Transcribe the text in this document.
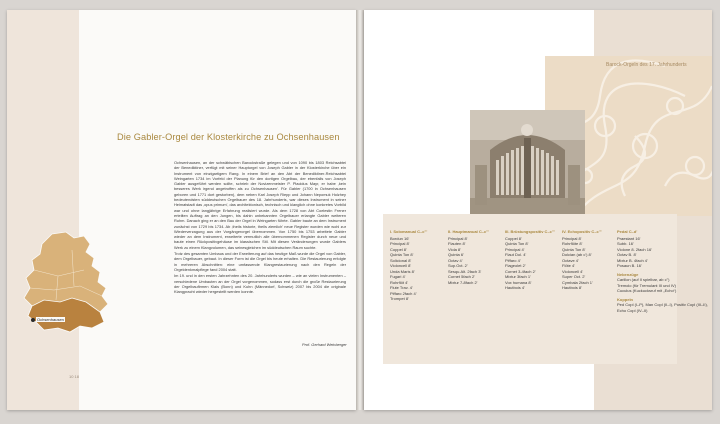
Barock-Orgeln des 17. Jahrhunderts
Die Gabler-Orgel der Klosterkirche zu Ochsenhausen

Ochsenhausen, an der schwäbischen Barockstraße gelegen und von 1090 bis 1803 Reichsabtei der Benediktiner, verfügt mit seiner Hauptorgel von Joseph Gabler in der Klosterkirche über ein Instrument von einzigartigem Rang. In einem Brief an den Abt der Benediktiner-Reichsabtei Weingarten 1734 im Vorfeld der Planung für den dortigen Orgelbau, der ebenfalls von Joseph Gabler ausgeführt werden sollte, schrieb der Novizenmeister P. Placidus Mayr, er habe ‚kein besseres Werk irgend angetroffen als zu Ochsenhausen'. Für Gabler (1700 in Ochsenhausen geboren und 1771 dort gestorben), dem neben Karl Joseph Riepp und Johann Nepomuk Holzhey bedeutendsten süddeutschen Orgelbauer des 18. Jahrhunderts, war dieses Instrument in seiner Heimatstadt das ‚opus primum', das architektonisch, technisch und klanglich ohne konkretes Vorbild war und ohne langjährige Erfahrung realisiert wurde. Als dem 1728 von Abt Coelestin Frener erteilten Auftrag an den Jungen, bis dahin unbekannten Orgelbauer erlangte Gabler weiteren Ruhm. Danach ging er an den Bau der Orgel in Weingarten führte. Gabler baute an dem Instrument zunächst von 1729 bis 1734. Ab ‚theils historie, theils ziemlich' neue Register wurden wie wohl zur Wiederverzagung aus der Vorgängerorgel übernommen. Von 1750 bis 1753 arbeitete Gabler wieder an dem Instrument, erweiterte vermutlich alle übernommenen Register durch neue und baute einen Rückpositivgehäuse im klassischen Stil. Mit diesen Veränderungen wurde Gablers Werk zu einem Klangvolumen, das seinesgleichen im süddeutschen Raum suchte.

Trotz des gesamten Umbaus und der Erweiterung auf das heutige Maß wurde die Orgel von Gabler, dem Orgelbauer, gebaut. In dieser Form ist die Orgel bis heute erhalten. Die Restaurierung erfolgte in mehreren Abschnitten: eine umfassende Klangrestaurierung nach den Regeln der Orgeldenkmalpflege fand 2004 statt.

Im 19. und in den ersten Jahrzehnten des 20. Jahrhunderts wurden – wie an vielen Instrumenten – verschiedene Umbauten an der Orgel vorgenommen, sodass erst durch die große Restaurierung der Orgelbaufirmen Klais (Bonn) und Kuhn (Männedorf, Schweiz) 2007 bis 2004 die originale Klangpracht wieder hergestellt werden konnte.

Prof. Gerhard Weinberger
Ochsenhausen
10 18
I. Solomanual C–c'''
Bordun 16'
Principal 8'
Coppel 8'
Quinta Ton 8'
Solicional 8'
Violoncell 8'
Unda Maris 8'
Fugari 4'
Rohrflöt 4'
Flute Trav. 4'
Piffaro 2fach 4'
Trompet 8'
II. Hauptmanual C–c'''
Principal 8'
Flauten 8'
Viola 8'
Quinta 6'
Octav 4'
Sup.Oct. 2'
Sesqu.Alt. 2fach 3'
Cornet 5fach 2'
Mixtur 7-8fach 2'
III. Brüstungspositiv C–c'''
Coppel 8'
Quinta Ton 8'
Principal 4'
Flaut Dol. 4'
Piffaro 4'
Flageolet 2'
Cornet 3-4fach 2'
Mixtur 3fach 1'
Vox humana 8'
Hautbois 4'
IV. Echopositiv C–c'''
Principal 8'
Rohrflöte 8'
Quinta Ton 8'
Dolcian (ab c') 8'
Octave 4'
Flöte 4'
Violoncell 4'
Super Oct. 2'
Cymbala 2fach 1'
Hautbois 8'
Pedal C–d'
Praestant 16'
Subb. 16'
Violone 8. 2fach 16'
Octav B. 8'
Mixtur B. 4fach 4'
Posaun B. 16'
Nebenzüge
Carillon (auf II spielbar, ab c'')
Tremolo (für Tremulant III und IV)
Cuculus (Kuckucksruf mit „Echo“)
Koppeln
Ped Copl (I–P), Man Copl (II–I), Positiv Copl (III–II),
Echo Copl (IV–II)
